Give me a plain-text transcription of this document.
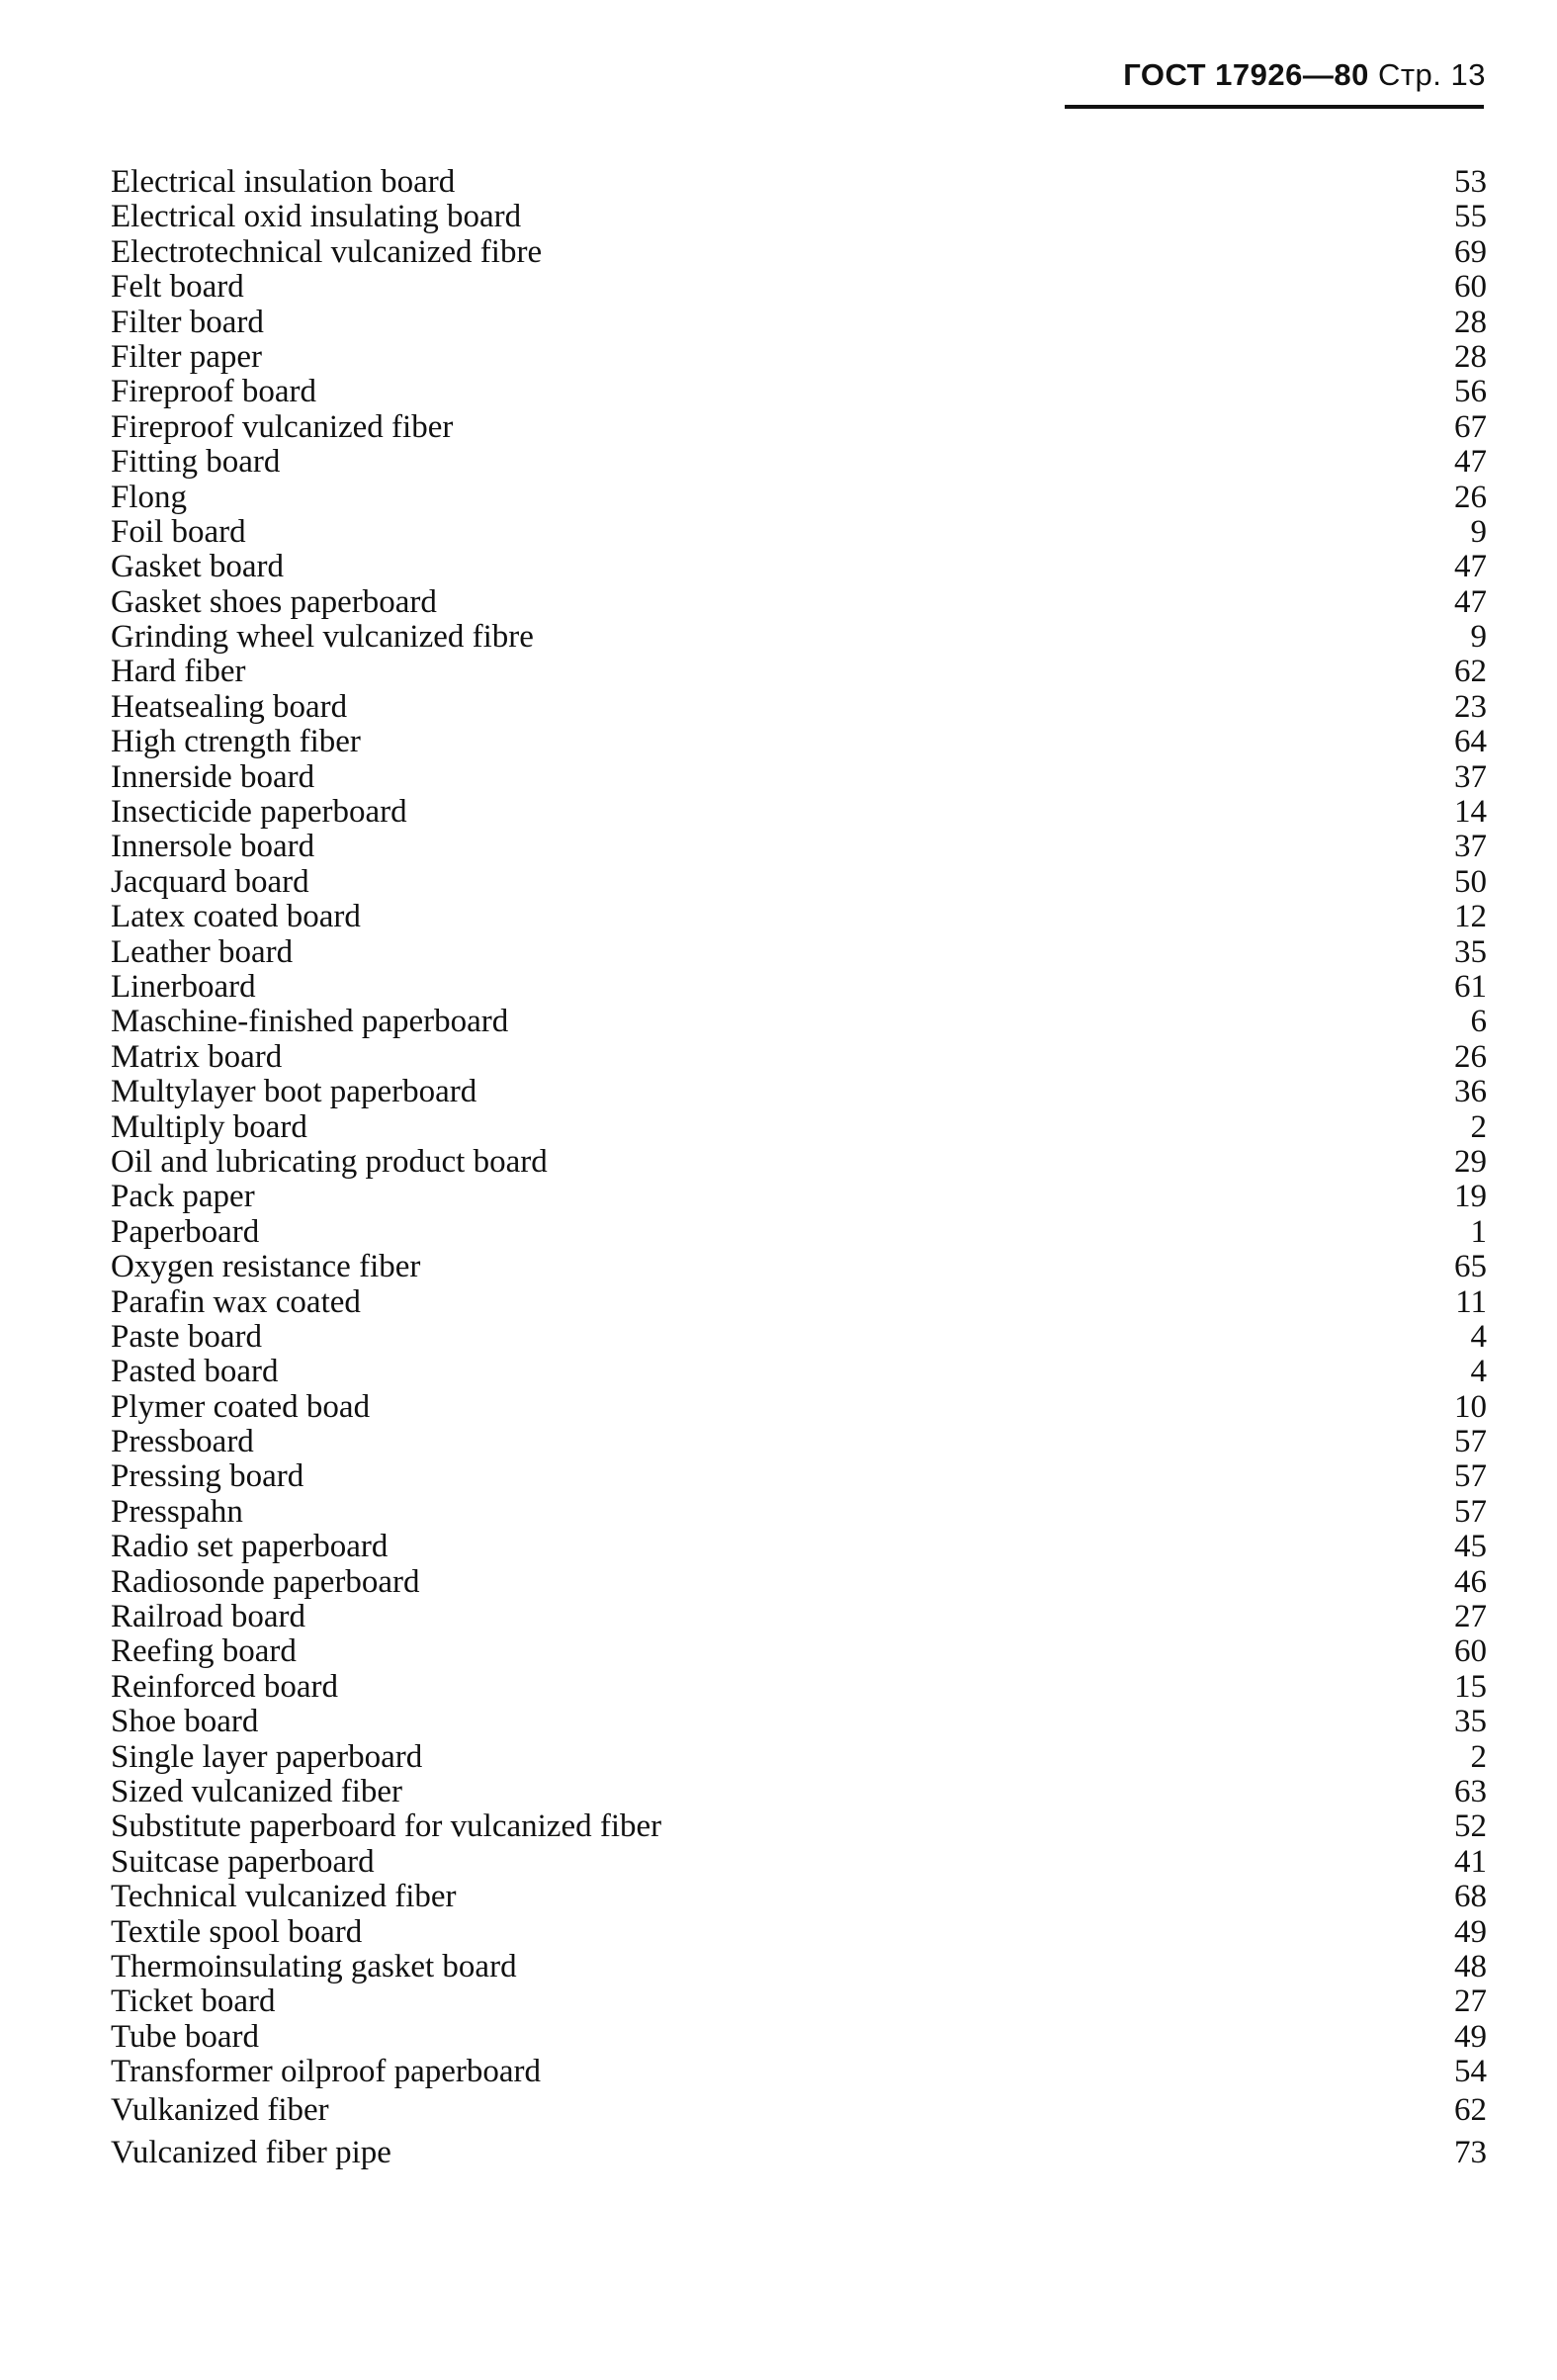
ГОСТ 17926—80 Стр. 13
Electrical insulation board	53
Electrical oxid insulating board	55
Electrotechnical vulcanized fibre	69
Felt board	60
Filter board	28
Filter paper	28
Fireproof board	56
Fireproof vulcanized fiber	67
Fitting board	47
Flong	26
Foil board	9
Gasket board	47
Gasket shoes paperboard	47
Grinding wheel vulcanized fibre	9
Hard fiber	62
Heatsealing board	23
High ctrength fiber	64
Innerside board	37
Insecticide paperboard	14
Innersole board	37
Jacquard board	50
Latex coated board	12
Leather board	35
Linerboard	61
Maschine-finished paperboard	6
Matrix board	26
Multylayer boot paperboard	36
Multiply board	2
Oil and lubricating product board	29
Pack paper	19
Paperboard	1
Oxygen resistance fiber	65
Parafin wax coated	11
Paste board	4
Pasted board	4
Plymer coated boad	10
Pressboard	57
Pressing board	57
Presspahn	57
Radio set paperboard	45
Radiosonde paperboard	46
Railroad board	27
Reefing board	60
Reinforced board	15
Shoe board	35
Single layer paperboard	2
Sized vulcanized fiber	63
Substitute paperboard for vulcanized fiber	52
Suitcase paperboard	41
Technical vulcanized fiber	68
Textile spool board	49
Thermoinsulating gasket board	48
Ticket board	27
Tube board	49
Transformer oilproof paperboard	54
Vulkanized fiber	62
Vulcanized fiber pipe	73
